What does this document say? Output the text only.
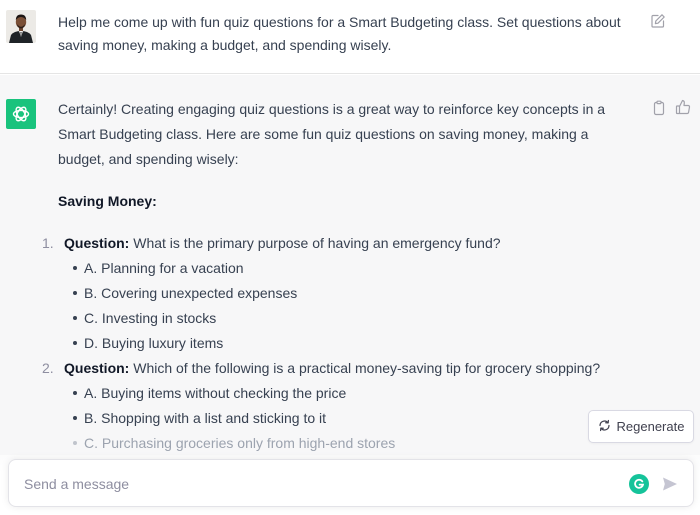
Help me come up with fun quiz questions for a Smart Budgeting class. Set questions about saving money, making a budget, and spending wisely.

Certainly! Creating engaging quiz questions is a great way to reinforce key concepts in a Smart Budgeting class. Here are some fun quiz questions on saving money, making a budget, and spending wisely:

Saving Money:

1. Question: What is the primary purpose of having an emergency fund?
A. Planning for a vacation
B. Covering unexpected expenses
C. Investing in stocks
D. Buying luxury items
2. Question: Which of the following is a practical money-saving tip for grocery shopping?
A. Buying items without checking the price
B. Shopping with a list and sticking to it
C. Purchasing groceries only from high-end stores
Regenerate
Send a message
